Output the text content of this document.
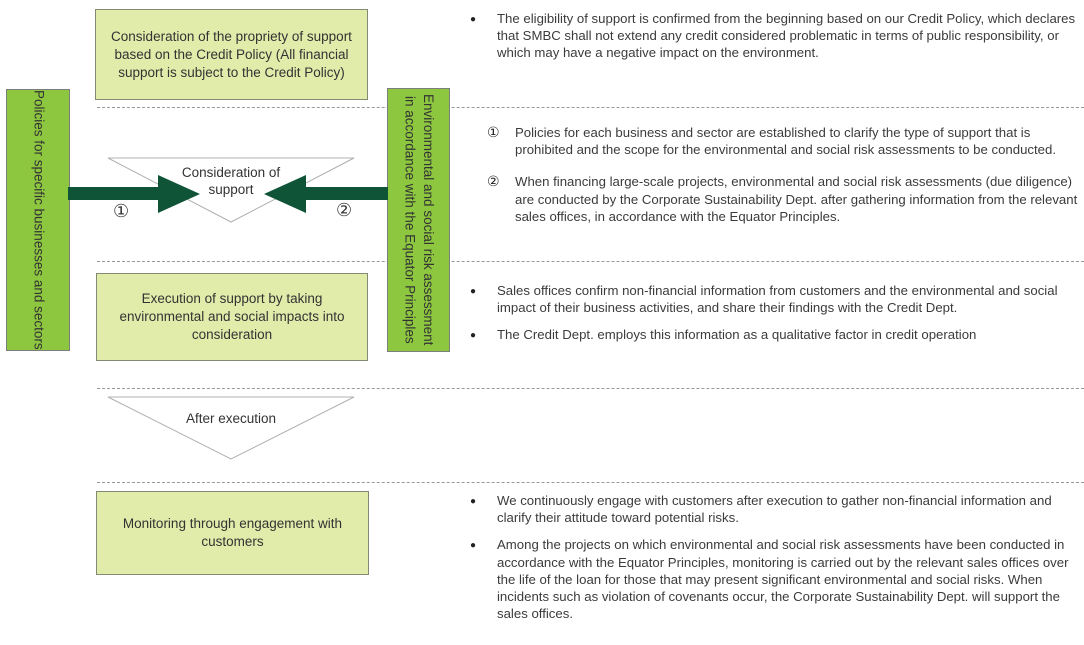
Policies for specific businesses and sectors	Environmental and social risk assessment in accordance with the Equator Principles
Consideration of the propriety of support based on the Credit Policy (All financial support is subject to the Credit Policy)
Execution of support by taking environmental and social impacts into consideration
Monitoring through engagement with customers
Consideration of support
After execution
①	②
●	The eligibility of support is confirmed from the beginning based on our Credit Policy, which declares that SMBC shall not extend any credit considered problematic in terms of public responsibility, or which may have a negative impact on the environment.
①	Policies for each business and sector are established to clarify the type of support that is prohibited and the scope for the environmental and social risk assessments to be conducted.
②	When financing large-scale projects, environmental and social risk assessments (due diligence) are conducted by the Corporate Sustainability Dept. after gathering information from the relevant sales offices, in accordance with the Equator Principles.
●	Sales offices confirm non-financial information from customers and the environmental and social impact of their business activities, and share their findings with the Credit Dept.
●	The Credit Dept. employs this information as a qualitative factor in credit operation
●	We continuously engage with customers after execution to gather non-financial information and clarify their attitude toward potential risks.
●	Among the projects on which environmental and social risk assessments have been conducted in accordance with the Equator Principles, monitoring is carried out by the relevant sales offices over the life of the loan for those that may present significant environmental and social risks. When incidents such as violation of covenants occur, the Corporate Sustainability Dept. will support the sales offices.
